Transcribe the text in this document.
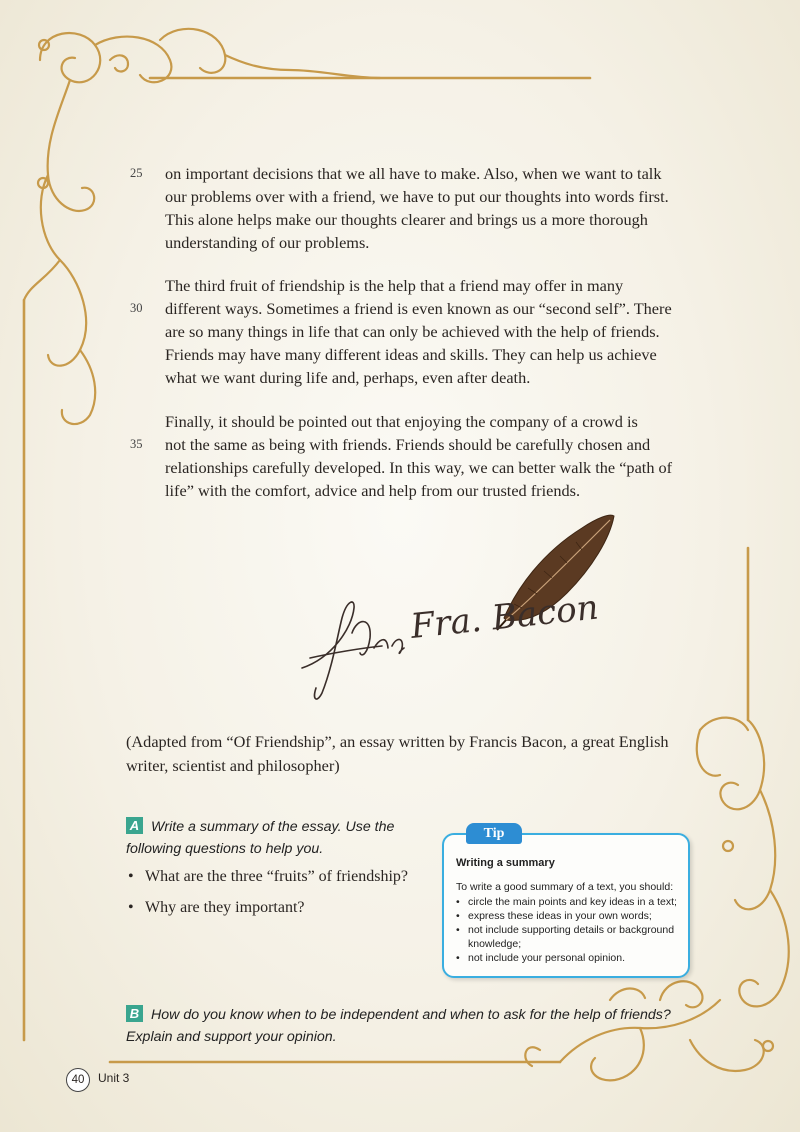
25 on important decisions that we all have to make. Also, when we want to talk
our problems over with a friend, we have to put our thoughts into words first.
This alone helps make our thoughts clearer and brings us a more thorough
understanding of our problems.
The third fruit of friendship is the help that a friend may offer in many
30 different ways. Sometimes a friend is even known as our “second self”. There
are so many things in life that can only be achieved with the help of friends.
Friends may have many different ideas and skills. They can help us achieve
what we want during life and, perhaps, even after death.
Finally, it should be pointed out that enjoying the company of a crowd is
35 not the same as being with friends. Friends should be carefully chosen and
relationships carefully developed. In this way, we can better walk the “path of
life” with the comfort, advice and help from our trusted friends.
Fra. Bacon
(Adapted from “Of Friendship”, an essay written by Francis Bacon, a great English
writer, scientist and philosopher)
A Write a summary of the essay. Use the
following questions to help you.
• What are the three “fruits” of friendship?
• Why are they important?
Writing a summary
To write a good summary of a text, you should:
• circle the main points and key ideas in a text;
• express these ideas in your own words;
• not include supporting details or background knowledge;
• not include your personal opinion.
Tip
B How do you know when to be independent and when to ask for the help of friends?
Explain and support your opinion.
40	Unit 3
